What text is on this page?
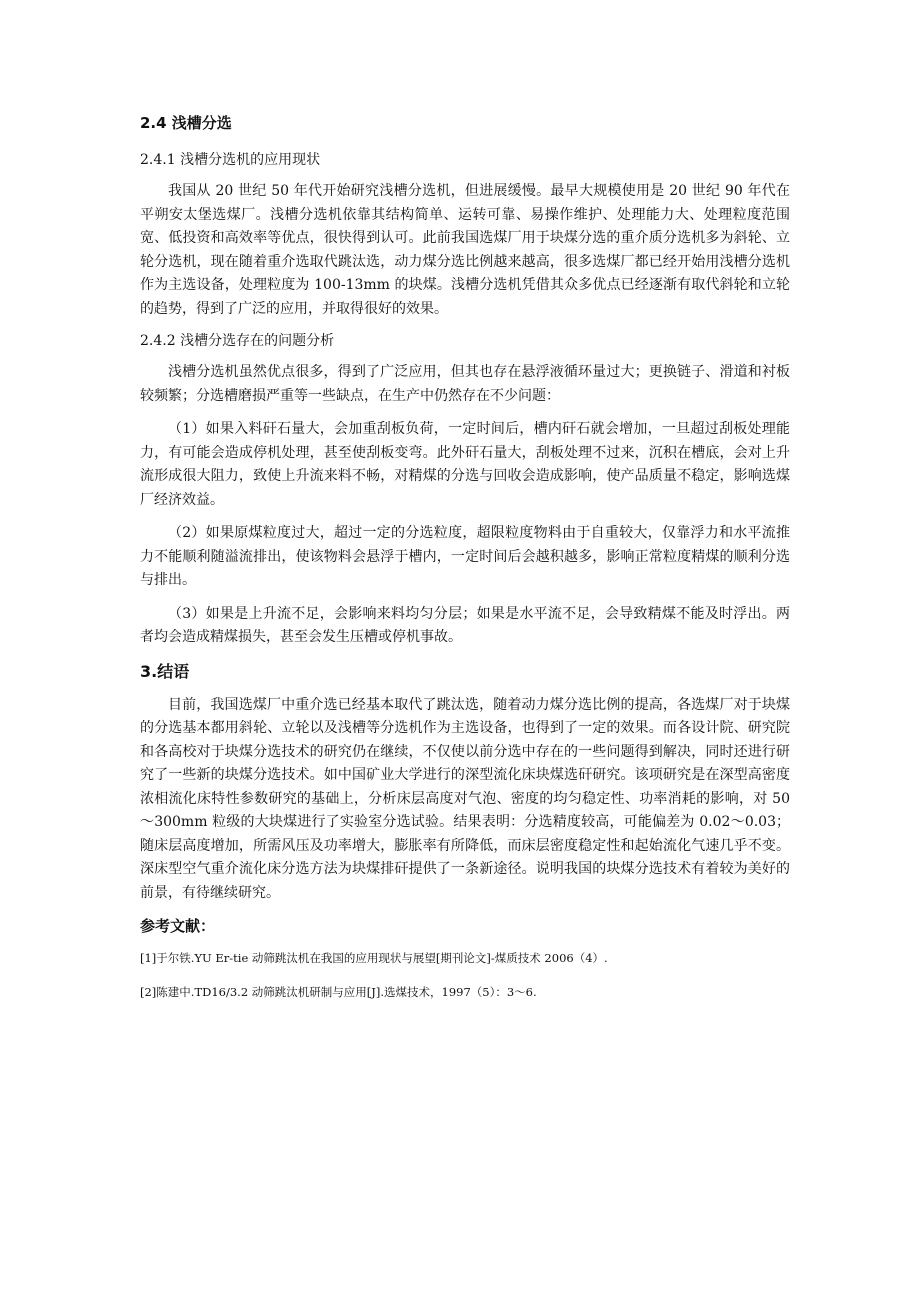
2.4 浅槽分选
2.4.1 浅槽分选机的应用现状

我国从 20 世纪 50 年代开始研究浅槽分选机，但进展缓慢。最早大规模使用是 20 世纪 90 年代在平朔安太堡选煤厂。浅槽分选机依靠其结构简单、运转可靠、易操作维护、处理能力大、处理粒度范围宽、低投资和高效率等优点，很快得到认可。此前我国选煤厂用于块煤分选的重介质分选机多为斜轮、立轮分选机，现在随着重介选取代跳汰选，动力煤分选比例越来越高，很多选煤厂都已经开始用浅槽分选机作为主选设备，处理粒度为 100-13mm 的块煤。浅槽分选机凭借其众多优点已经逐渐有取代斜轮和立轮的趋势，得到了广泛的应用，并取得很好的效果。

2.4.2 浅槽分选存在的问题分析

浅槽分选机虽然优点很多，得到了广泛应用，但其也存在悬浮液循环量过大；更换链子、滑道和衬板较频繁；分选槽磨损严重等一些缺点，在生产中仍然存在不少问题：

（1）如果入料矸石量大，会加重刮板负荷，一定时间后，槽内矸石就会增加，一旦超过刮板处理能力，有可能会造成停机处理，甚至使刮板变弯。此外矸石量大，刮板处理不过来，沉积在槽底，会对上升流形成很大阻力，致使上升流来料不畅，对精煤的分选与回收会造成影响，使产品质量不稳定，影响选煤厂经济效益。

（2）如果原煤粒度过大，超过一定的分选粒度，超限粒度物料由于自重较大，仅靠浮力和水平流推力不能顺利随溢流排出，使该物料会悬浮于槽内，一定时间后会越积越多，影响正常粒度精煤的顺利分选与排出。

（3）如果是上升流不足，会影响来料均匀分层；如果是水平流不足，会导致精煤不能及时浮出。两者均会造成精煤损失，甚至会发生压槽或停机事故。

3.结语

目前，我国选煤厂中重介选已经基本取代了跳汰选，随着动力煤分选比例的提高，各选煤厂对于块煤的分选基本都用斜轮、立轮以及浅槽等分选机作为主选设备，也得到了一定的效果。而各设计院、研究院和各高校对于块煤分选技术的研究仍在继续，不仅使以前分选中存在的一些问题得到解决，同时还进行研究了一些新的块煤分选技术。如中国矿业大学进行的深型流化床块煤选矸研究。该项研究是在深型高密度浓相流化床特性参数研究的基础上，分析床层高度对气泡、密度的均匀稳定性、功率消耗的影响，对 50～300mm 粒级的大块煤进行了实验室分选试验。结果表明：分选精度较高，可能偏差为 0.02～0.03；随床层高度增加，所需风压及功率增大，膨胀率有所降低，而床层密度稳定性和起始流化气速几乎不变。深床型空气重介流化床分选方法为块煤排矸提供了一条新途径。说明我国的块煤分选技术有着较为美好的前景，有待继续研究。

参考文献：
[1]于尔铁.YU Er-tie 动筛跳汰机在我国的应用现状与展望[期刊论文]-煤质技术 2006（4）.
[2]陈建中.TD16/3.2 动筛跳汰机研制与应用[J].选煤技术，1997（5）：3～6.
